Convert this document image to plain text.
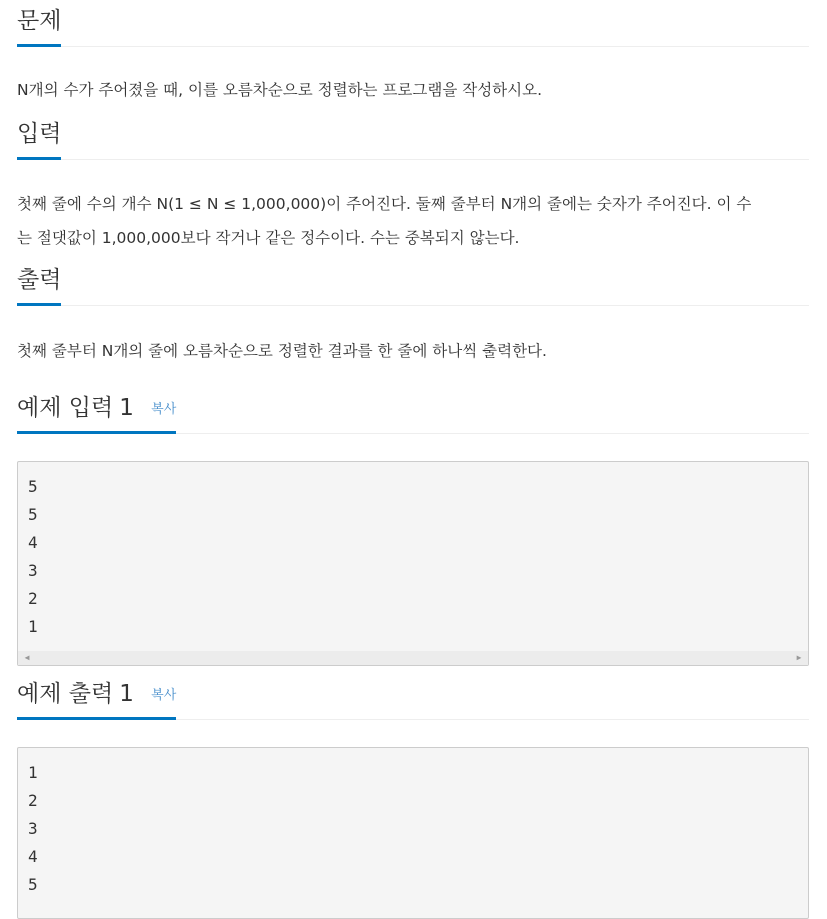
문제
N개의 수가 주어졌을 때, 이를 오름차순으로 정렬하는 프로그램을 작성하시오.
입력
첫째 줄에 수의 개수 N(1 ≤ N ≤ 1,000,000)이 주어진다. 둘째 줄부터 N개의 줄에는 숫자가 주어진다. 이 수
는 절댓값이 1,000,000보다 작거나 같은 정수이다. 수는 중복되지 않는다.
출력
첫째 줄부터 N개의 줄에 오름차순으로 정렬한 결과를 한 줄에 하나씩 출력한다.
예제 입력 1 복사
5
5
4
3
2
1
◀	▶
예제 출력 1 복사
1
2
3
4
5
